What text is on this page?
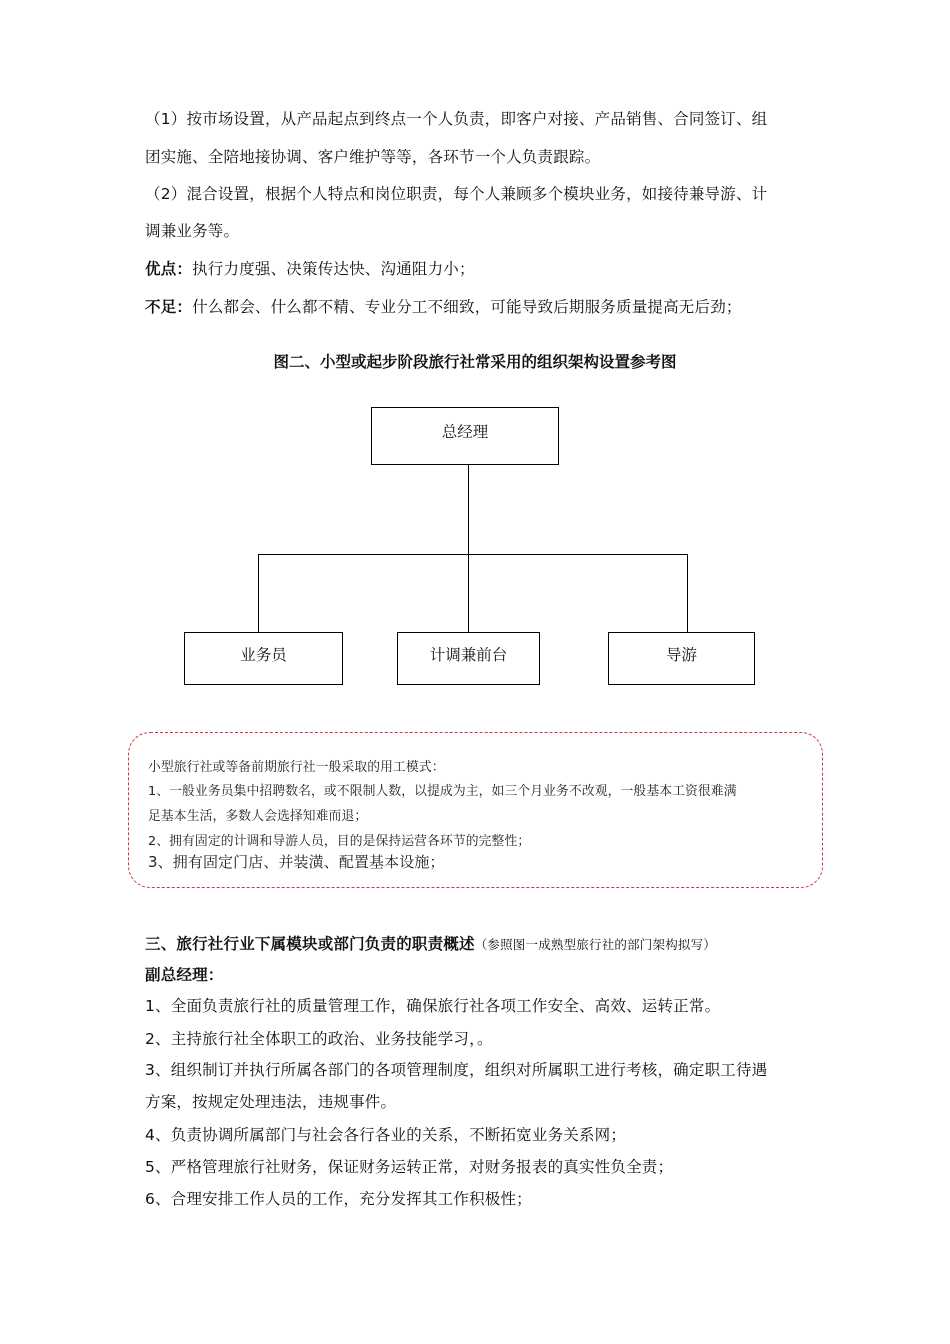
（1）按市场设置，从产品起点到终点一个人负责，即客户对接、产品销售、合同签订、组
团实施、全陪地接协调、客户维护等等，各环节一个人负责跟踪。
（2）混合设置，根据个人特点和岗位职责，每个人兼顾多个模块业务，如接待兼导游、计
调兼业务等。
优点：执行力度强、决策传达快、沟通阻力小；
不足：什么都会、什么都不精、专业分工不细致，可能导致后期服务质量提高无后劲；
图二、小型或起步阶段旅行社常采用的组织架构设置参考图
总经理
业务员	计调兼前台	导游
小型旅行社或等备前期旅行社一般采取的用工模式：
1、一般业务员集中招聘数名，或不限制人数，以提成为主，如三个月业务不改观，一般基本工资很难满
足基本生活，多数人会选择知难而退；
2、拥有固定的计调和导游人员，目的是保持运营各环节的完整性；
3、拥有固定门店、并装潢、配置基本设施；
三、旅行社行业下属模块或部门负责的职责概述（参照图一成熟型旅行社的部门架构拟写）
副总经理：
1、全面负责旅行社的质量管理工作，确保旅行社各项工作安全、高效、运转正常。
2、主持旅行社全体职工的政治、业务技能学习，。
3、组织制订并执行所属各部门的各项管理制度，组织对所属职工进行考核，确定职工待遇
方案，按规定处理违法，违规事件。
4、负责协调所属部门与社会各行各业的关系，不断拓宽业务关系网；
5、严格管理旅行社财务，保证财务运转正常，对财务报表的真实性负全责；
6、合理安排工作人员的工作，充分发挥其工作积极性；
